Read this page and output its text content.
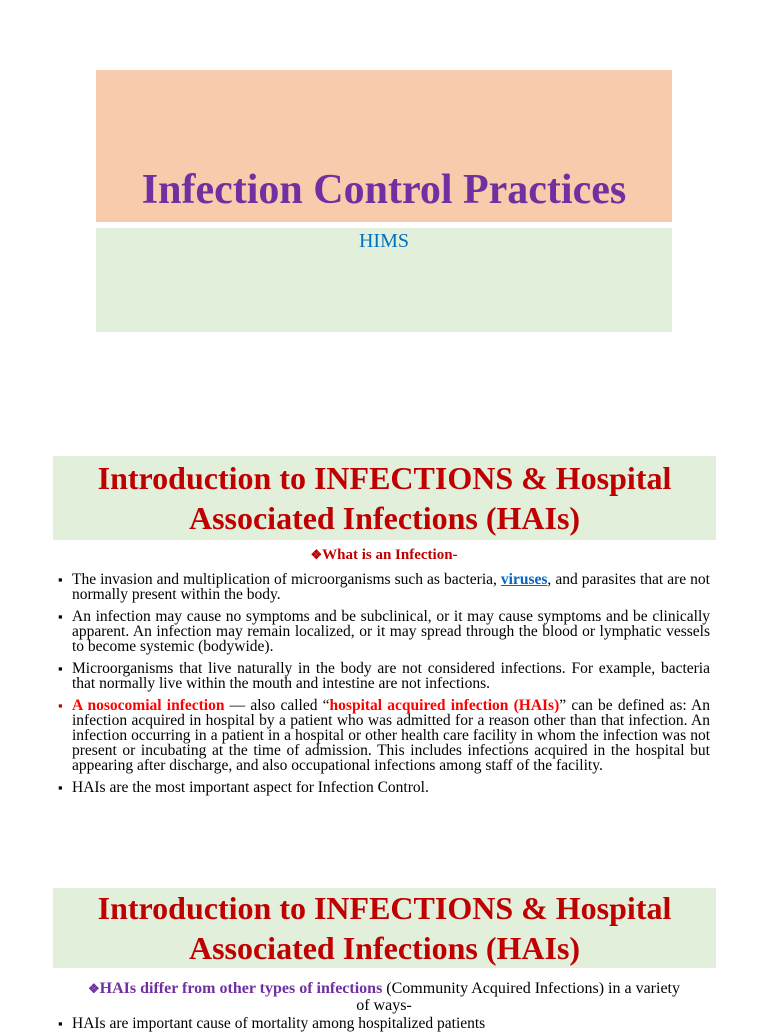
Infection Control Practices
HIMS
Introduction to INFECTIONS & Hospital
Associated Infections (HAIs)
❖What is an Infection-
▪ The invasion and multiplication of microorganisms such as bacteria, viruses, and parasites that are not normally present within the body.
▪ An infection may cause no symptoms and be subclinical, or it may cause symptoms and be clinically apparent. An infection may remain localized, or it may spread through the blood or lymphatic vessels to become systemic (bodywide).
▪ Microorganisms that live naturally in the body are not considered infections. For example, bacteria that normally live within the mouth and intestine are not infections.
▪ A nosocomial infection — also called “hospital acquired infection (HAIs)” can be defined as: An infection acquired in hospital by a patient who was admitted for a reason other than that infection. An infection occurring in a patient in a hospital or other health care facility in whom the infection was not present or incubating at the time of admission. This includes infections acquired in the hospital but appearing after discharge, and also occupational infections among staff of the facility.
▪ HAIs are the most important aspect for Infection Control.
Introduction to INFECTIONS & Hospital
Associated Infections (HAIs)
❖HAIs differ from other types of infections (Community Acquired Infections) in a variety of ways-
▪ HAIs are important cause of mortality among hospitalized patients
